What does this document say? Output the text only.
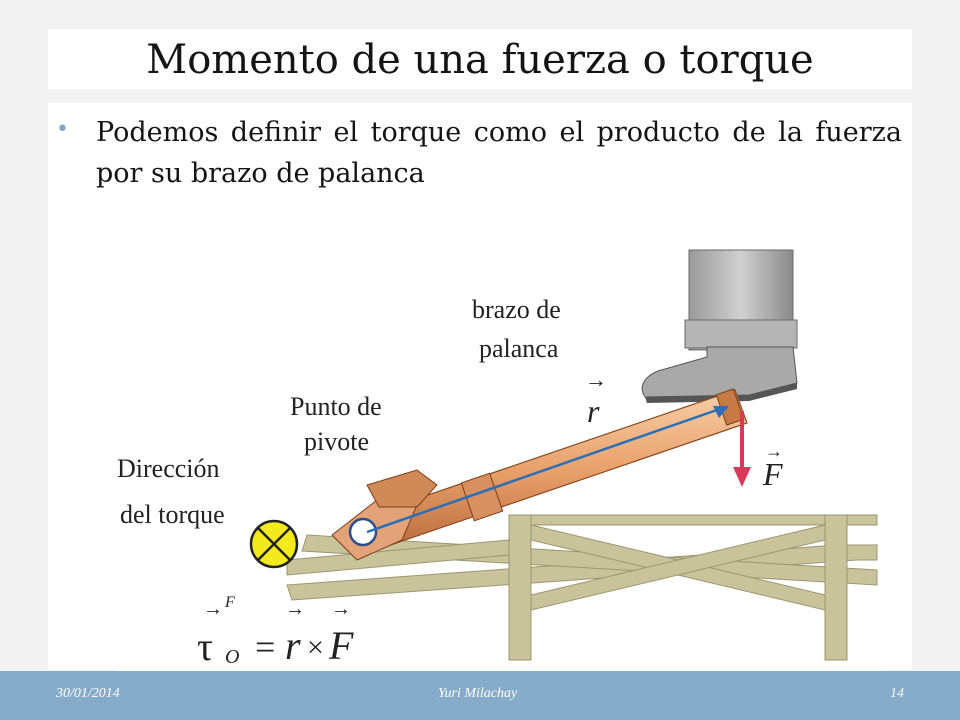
Momento de una fuerza o torque
• Podemos definir el torque como el producto de la fuerza por su brazo de palanca
Dirección
del torque
Punto de
pivote
brazo de
palanca
→
r
→
F
→ F
τ O =
→
r ×
→
F
30/01/2014	Yuri Milachay	14
